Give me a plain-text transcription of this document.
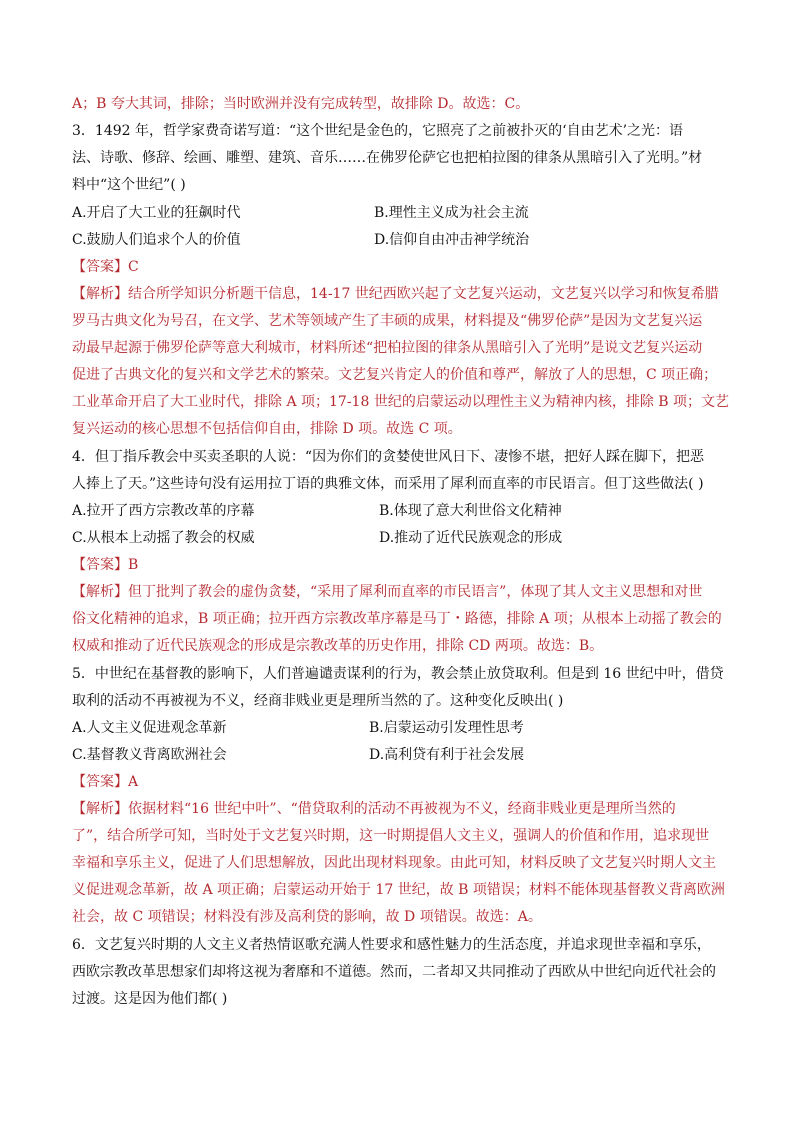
A；B 夸大其词，排除；当时欧洲并没有完成转型，故排除 D。故选：C。
3．1492 年，哲学家费奇诺写道：“这个世纪是金色的，它照亮了之前被扑灭的‘自由艺术’之光：语
法、诗歌、修辞、绘画、雕塑、建筑、音乐……在佛罗伦萨它也把柏拉图的律条从黑暗引入了光明。”材
料中“这个世纪”( )
A.开启了大工业的狂飙时代	B.理性主义成为社会主流
C.鼓励人们追求个人的价值	D.信仰自由冲击神学统治
【答案】C
【解析】结合所学知识分析题干信息，14-17 世纪西欧兴起了文艺复兴运动，文艺复兴以学习和恢复希腊
罗马古典文化为号召，在文学、艺术等领域产生了丰硕的成果，材料提及“佛罗伦萨”是因为文艺复兴运
动最早起源于佛罗伦萨等意大利城市，材料所述“把柏拉图的律条从黑暗引入了光明”是说文艺复兴运动
促进了古典文化的复兴和文学艺术的繁荣。文艺复兴肯定人的价值和尊严，解放了人的思想，C 项正确；
工业革命开启了大工业时代，排除 A 项；17-18 世纪的启蒙运动以理性主义为精神内核，排除 B 项；文艺
复兴运动的核心思想不包括信仰自由，排除 D 项。故选 C 项。
4．但丁指斥教会中买卖圣职的人说：“因为你们的贪婪使世风日下、凄惨不堪，把好人踩在脚下，把恶
人捧上了天。”这些诗句没有运用拉丁语的典雅文体，而采用了犀利而直率的市民语言。但丁这些做法( )
A.拉开了西方宗教改革的序幕	B.体现了意大利世俗文化精神
C.从根本上动摇了教会的权威	D.推动了近代民族观念的形成
【答案】B
【解析】但丁批判了教会的虚伪贪婪，“采用了犀利而直率的市民语言”，体现了其人文主义思想和对世
俗文化精神的追求，B 项正确；拉开西方宗教改革序幕是马丁・路德，排除 A 项；从根本上动摇了教会的
权威和推动了近代民族观念的形成是宗教改革的历史作用，排除 CD 两项。故选：B。
5．中世纪在基督教的影响下，人们普遍谴责谋利的行为，教会禁止放贷取利。但是到 16 世纪中叶，借贷
取利的活动不再被视为不义，经商非贱业更是理所当然的了。这种变化反映出( )
A.人文主义促进观念革新	B.启蒙运动引发理性思考
C.基督教义背离欧洲社会	D.高利贷有利于社会发展
【答案】A
【解析】依据材料“16 世纪中叶”、“借贷取利的活动不再被视为不义，经商非贱业更是理所当然的
了”，结合所学可知，当时处于文艺复兴时期，这一时期提倡人文主义，强调人的价值和作用，追求现世
幸福和享乐主义，促进了人们思想解放，因此出现材料现象。由此可知，材料反映了文艺复兴时期人文主
义促进观念革新，故 A 项正确；启蒙运动开始于 17 世纪，故 B 项错误；材料不能体现基督教义背离欧洲
社会，故 C 项错误；材料没有涉及高利贷的影响，故 D 项错误。故选：A。
6．文艺复兴时期的人文主义者热情讴歌充满人性要求和感性魅力的生活态度，并追求现世幸福和享乐，
西欧宗教改革思想家们却将这视为奢靡和不道德。然而，二者却又共同推动了西欧从中世纪向近代社会的
过渡。这是因为他们都( )
